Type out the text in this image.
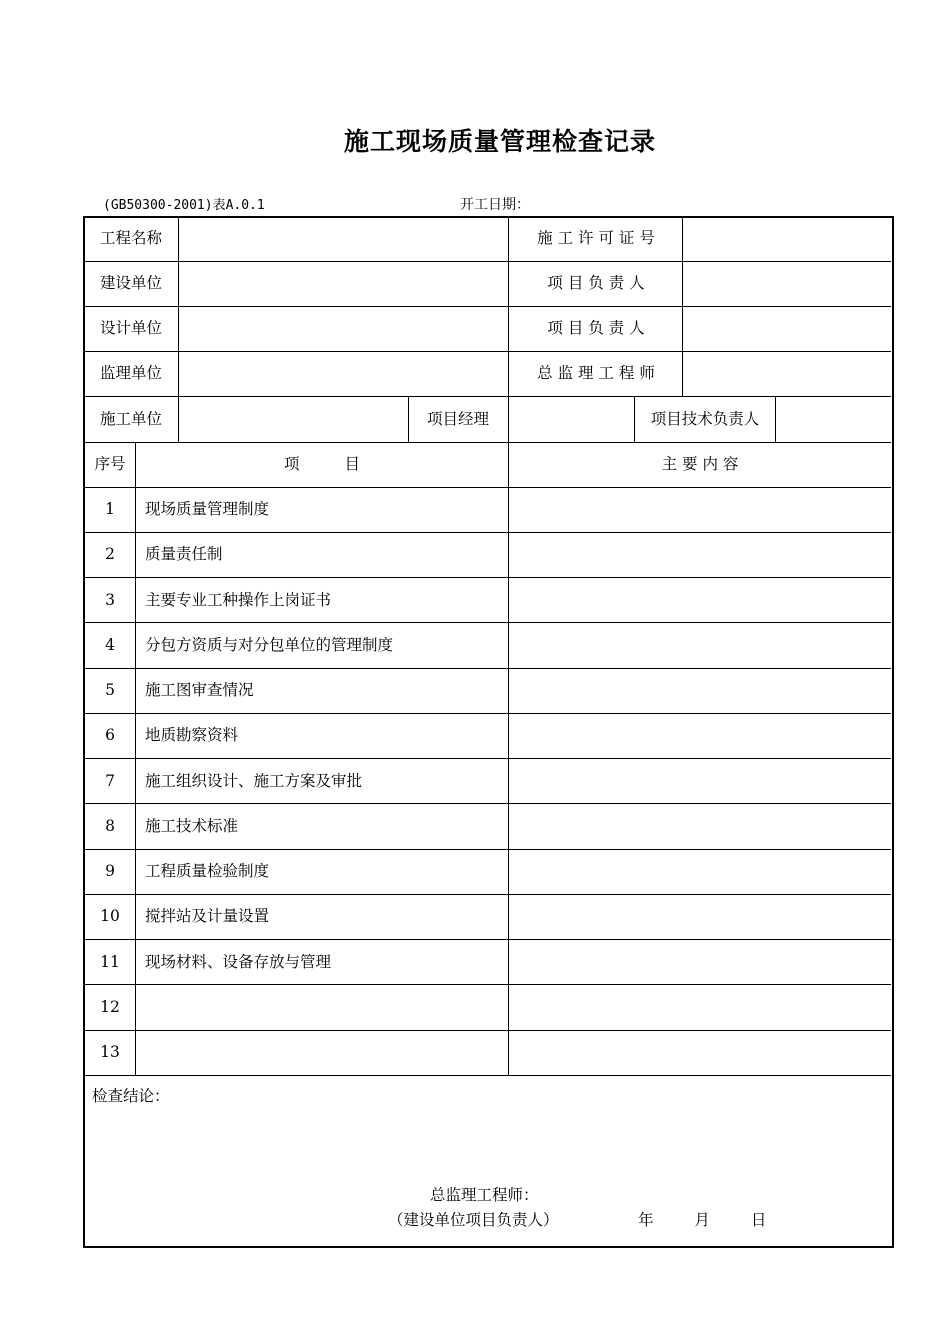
施工现场质量管理检查记录
(GB50300-2001)表A.0.1	开工日期：
工程名称	施 工 许 可 证 号
建设单位	项 目 负 责 人
设计单位	项 目 负 责 人
监理单位	总 监 理 工 程 师
施工单位	项目经理	项目技术负责人
序号	项 目	主 要 内 容
1 现场质量管理制度
2 质量责任制
3 主要专业工种操作上岗证书
4 分包方资质与对分包单位的管理制度
5 施工图审查情况
6 地质勘察资料
7 施工组织设计、施工方案及审批
8 施工技术标准
9 工程质量检验制度
10 搅拌站及计量设置
11 现场材料、设备存放与管理
12
13
检查结论：
总监理工程师：
（建设单位项目负责人）	年 月 日
